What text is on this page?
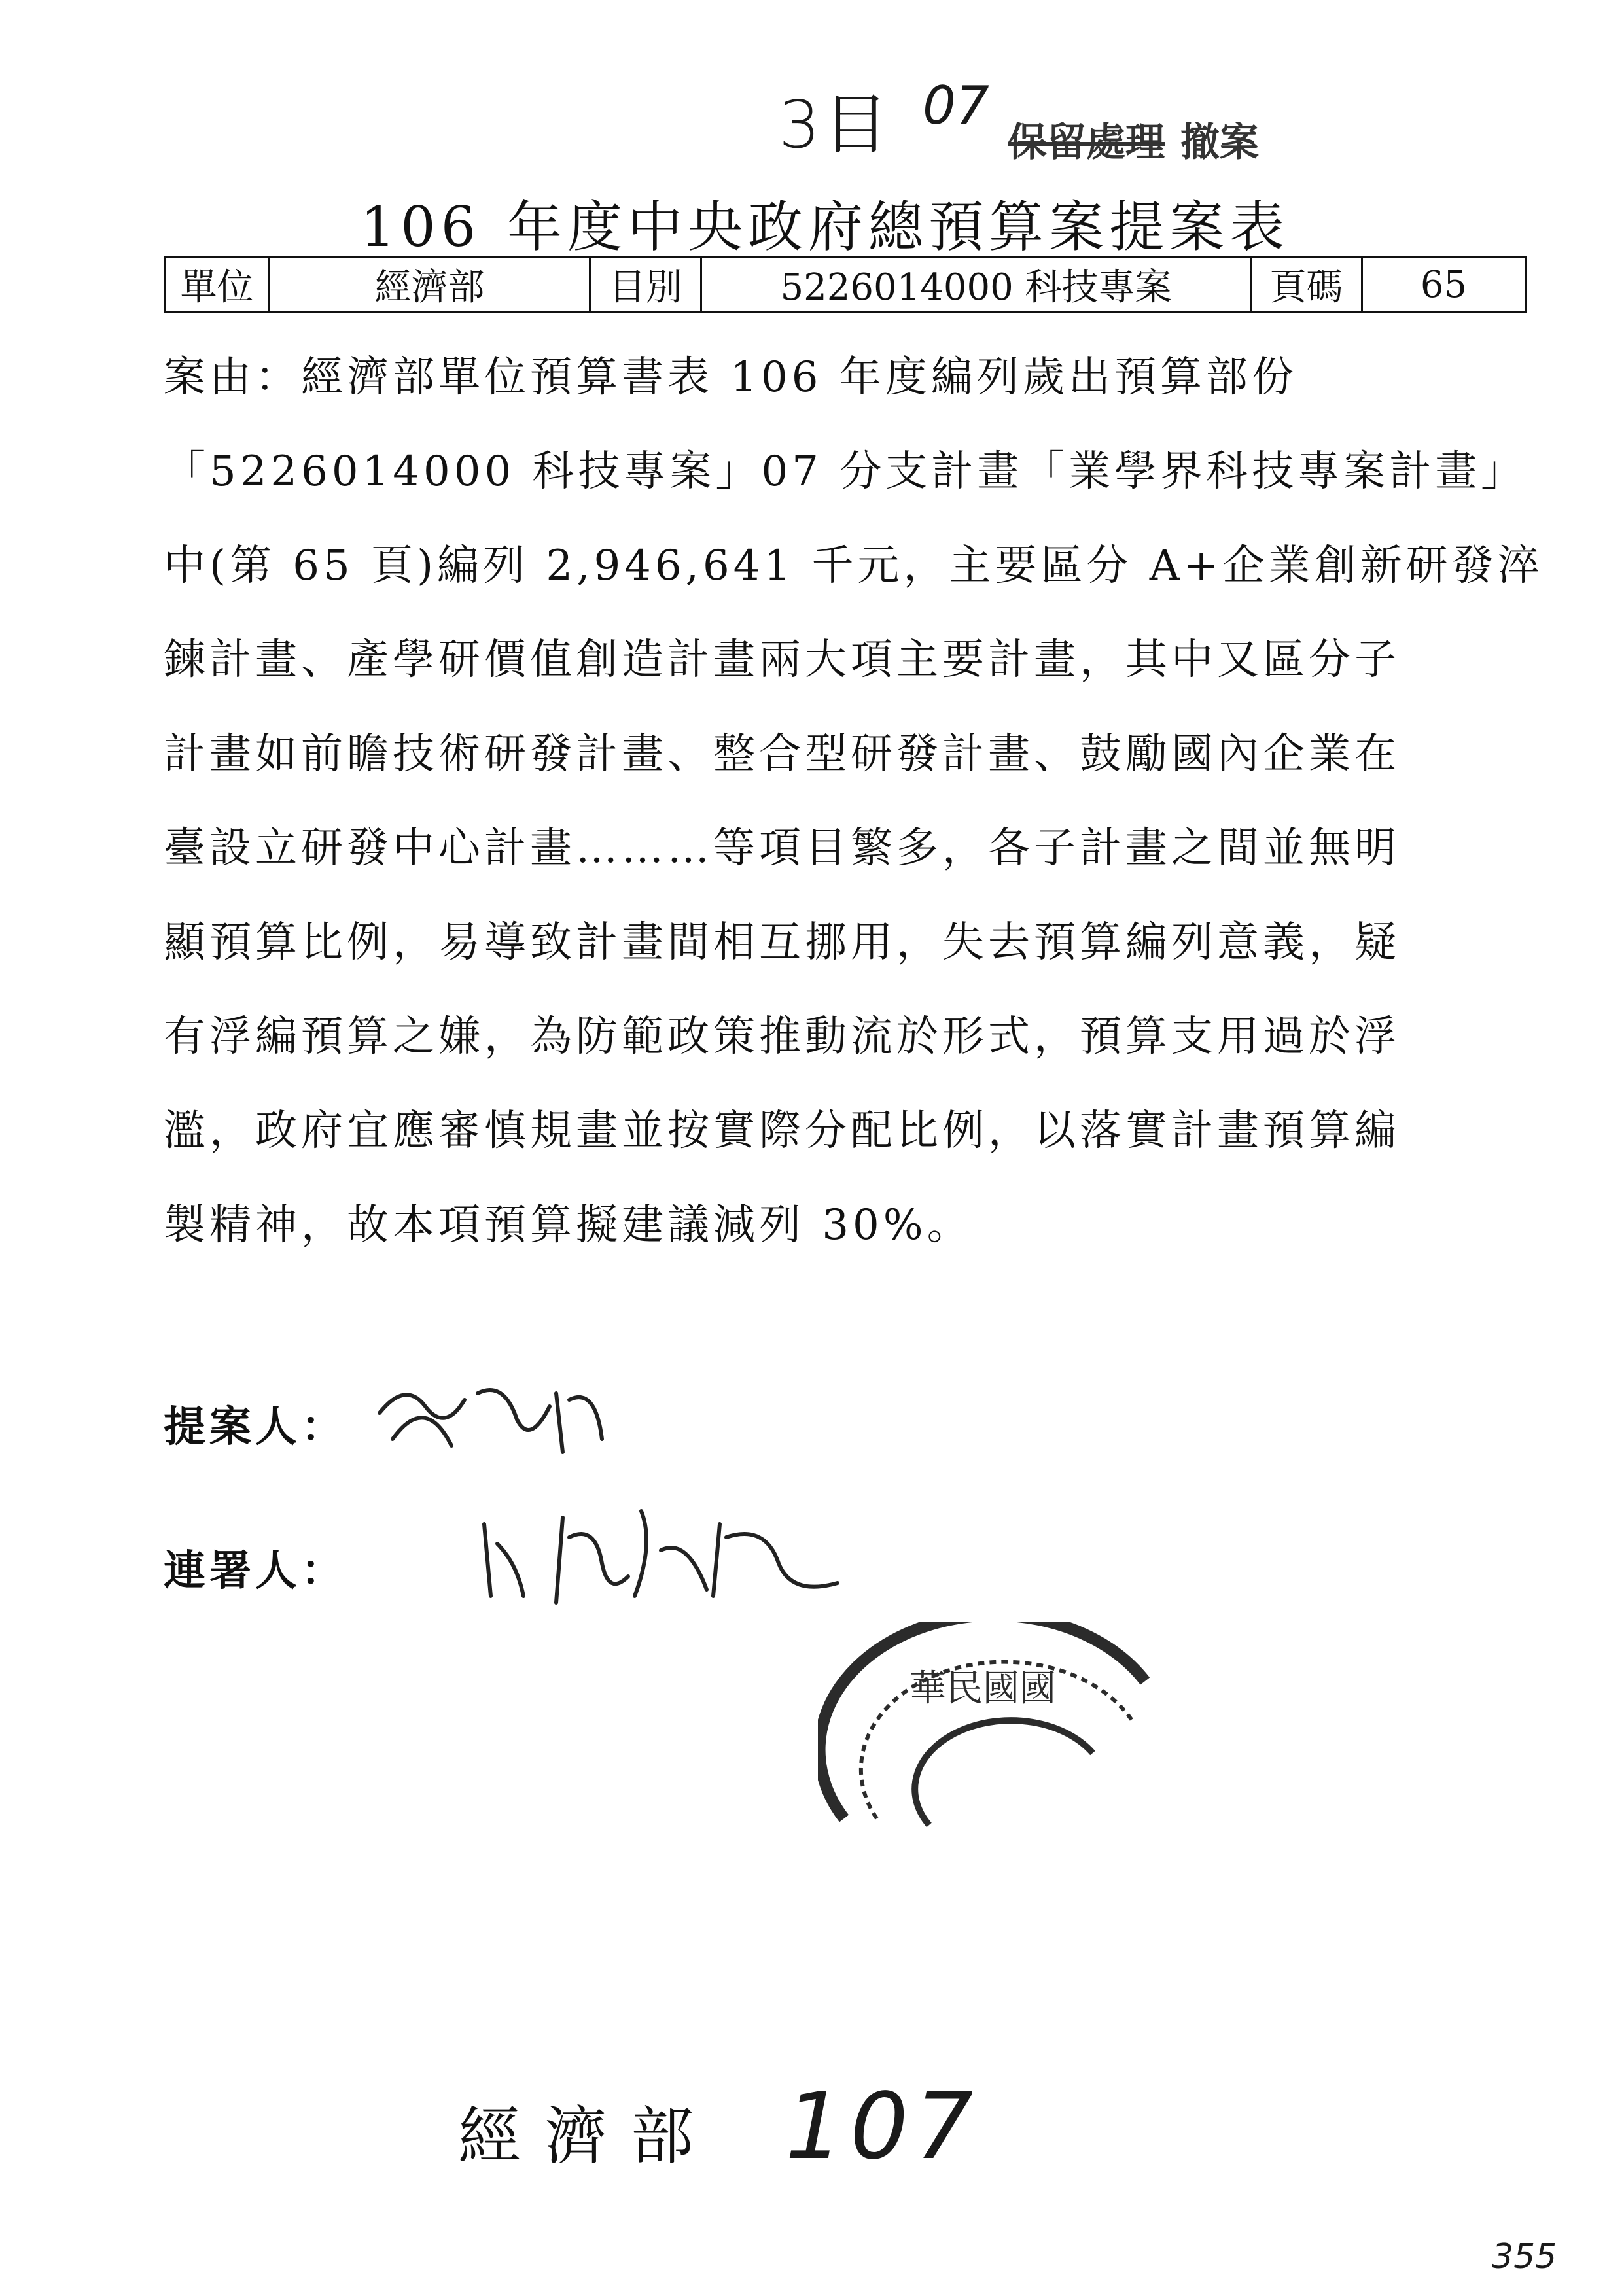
3目 07
保留處理 撤案
106 年度中央政府總預算案提案表
單位	經濟部	目別	5226014000 科技專案	頁碼	65
案由：經濟部單位預算書表 106 年度編列歲出預算部份
「5226014000 科技專案」07 分支計畫「業學界科技專案計畫」
中(第 65 頁)編列 2,946,641 千元，主要區分 A+企業創新研發淬
鍊計畫、產學研價值創造計畫兩大項主要計畫，其中又區分子
計畫如前瞻技術研發計畫、整合型研發計畫、鼓勵國內企業在
臺設立研發中心計畫………等項目繁多，各子計畫之間並無明
顯預算比例，易導致計畫間相互挪用，失去預算編列意義，疑
有浮編預算之嫌，為防範政策推動流於形式，預算支用過於浮
濫，政府宜應審慎規畫並按實際分配比例，以落實計畫預算編
製精神，故本項預算擬建議減列 30%。
提案人：
連署人：
華民國國
經濟部 107
355
